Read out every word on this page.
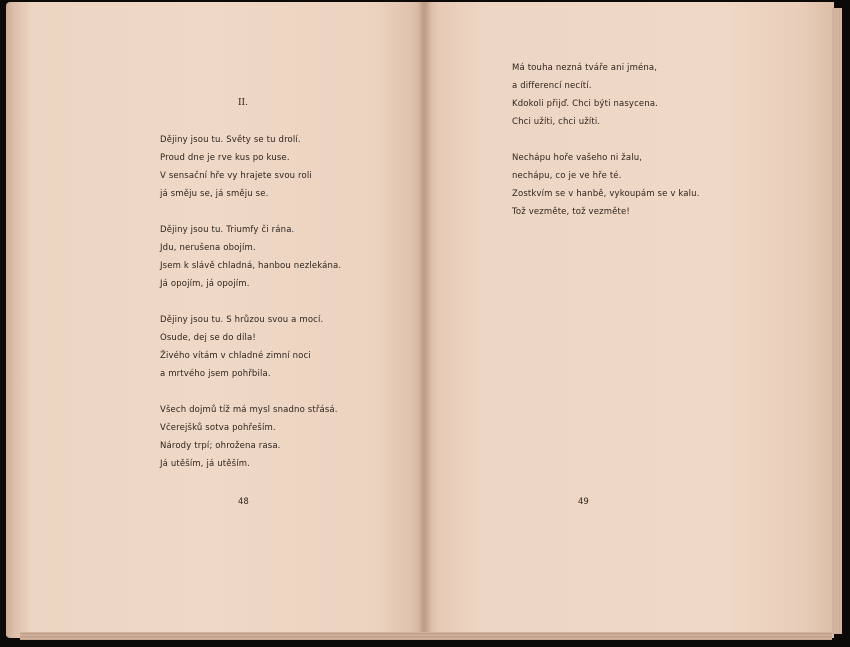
II.
Dějiny jsou tu. Světy se tu drolí.
Proud dne je rve kus po kuse.
V sensační hře vy hrajete svou roli
já směju se, já směju se.
Dějiny jsou tu. Triumfy či rána.
Jdu, nerušena obojím.
Jsem k slávě chladná, hanbou nezlekána.
Já opojím, já opojím.
Dějiny jsou tu. S hrůzou svou a mocí.
Osude, dej se do díla!
Živého vítám v chladné zimní noci
a mrtvého jsem pohřbila.
Všech dojmů tíž má mysl snadno střásá.
Včerejšků sotva pohřeším.
Národy trpí; ohrožena rasa.
Já utěším, já utěším.
48
Má touha nezná tváře ani jména,
a differencí necítí.
Kdokoli přijď. Chci býti nasycena.
Chci užíti, chci užíti.
Nechápu hoře vašeho ni žalu,
nechápu, co je ve hře té.
Zostkvím se v hanbě, vykoupám se v kalu.
Tož vezměte, tož vezměte!
49
